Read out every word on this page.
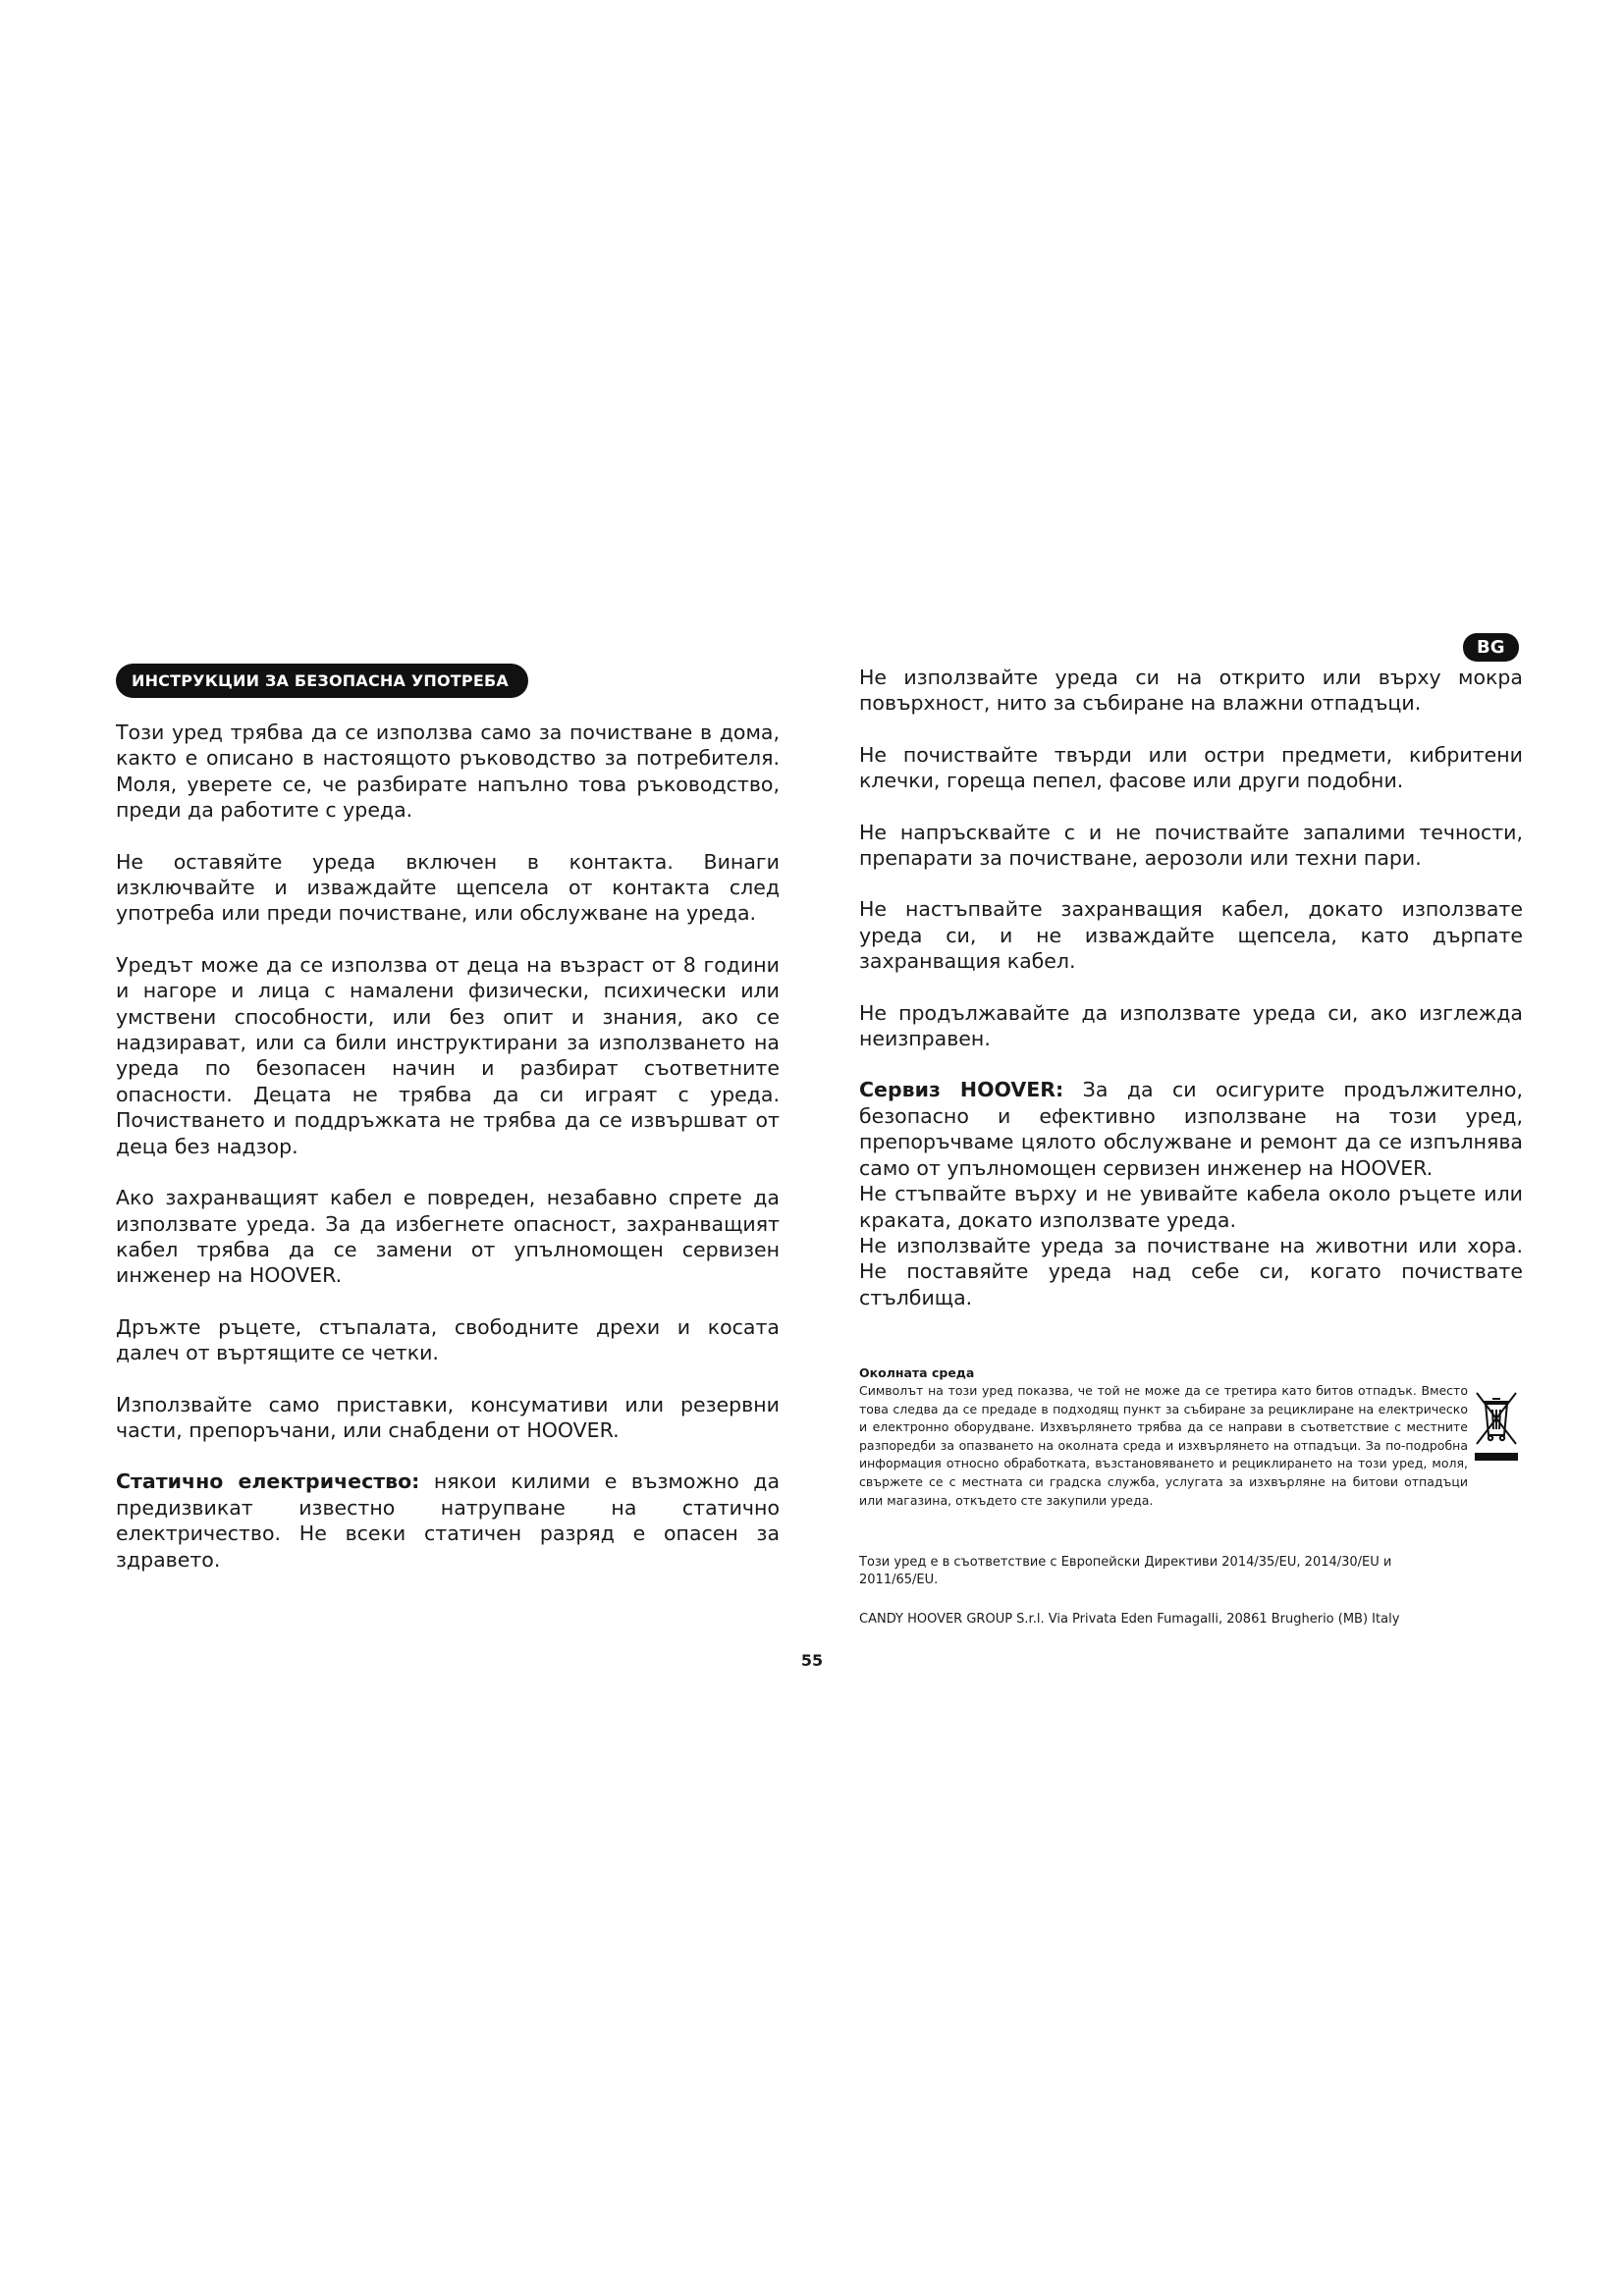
BG
ИНСТРУКЦИИ ЗА БЕЗОПАСНА УПОТРЕБА

Този уред трябва да се използва само за почистване в дома, както е описано в настоящото ръководство за потребителя. Моля, уверете се, че разбирате напълно това ръководство, преди да работите с уреда.

Не оставяйте уреда включен в контакта. Винаги изключвайте и изваждайте щепсела от контакта след употреба или преди почистване, или обслужване на уреда.

Уредът може да се използва от деца на възраст от 8 години и нагоре и лица с намалени физически, психически или умствени способности, или без опит и знания, ако се надзирават, или са били инструктирани за използването на уреда по безопасен начин и разбират съответните опасности. Децата не трябва да си играят с уреда. Почистването и поддръжката не трябва да се извършват от деца без надзор.

Ако захранващият кабел е повреден, незабавно спрете да използвате уреда. За да избегнете опасност, захранващият кабел трябва да се замени от упълномощен сервизен инженер на HOOVER.

Дръжте ръцете, стъпалата, свободните дрехи и косата далеч от въртящите се четки.

Използвайте само приставки, консумативи или резервни части, препоръчани, или снабдени от HOOVER.

Статично електричество: някои килими е възможно да предизвикат известно натрупване на статично електричество. Не всеки статичен разряд е опасен за здравето.

Не използвайте уреда си на открито или върху мокра повърхност, нито за събиране на влажни отпадъци.

Не почиствайте твърди или остри предмети, кибритени клечки, гореща пепел, фасове или други подобни.

Не напръсквайте с и не почиствайте запалими течности, препарати за почистване, аерозоли или техни пари.

Не настъпвайте захранващия кабел, докато използвате уреда си, и не изваждайте щепсела, като дърпате захранващия кабел.

Не продължавайте да използвате уреда си, ако изглежда неизправен.

Сервиз HOOVER: За да си осигурите продължително, безопасно и ефективно използване на този уред, препоръчваме цялото обслужване и ремонт да се изпълнява само от упълномощен сервизен инженер на HOOVER.
Не стъпвайте върху и не увивайте кабела около ръцете или краката, докато използвате уреда.
Не използвайте уреда за почистване на животни или хора. Не поставяйте уреда над себе си, когато почиствате стълбища.
Околната среда
Символът на този уред показва, че той не може да се третира като битов отпадък. Вместо това следва да се предаде в подходящ пункт за събиране за рециклиране на електрическо и електронно оборудване. Изхвърлянето трябва да се направи в съответствие с местните разпоредби за опазването на околната среда и изхвърлянето на отпадъци. За по-подробна информация относно обработката, възстановяването и рециклирането на този уред, моля, свържете се с местната си градска служба, услугата за изхвърляне на битови отпадъци или магазина, откъдето сте закупили уреда.
Този уред е в съответствие с Европейски Директиви 2014/35/EU, 2014/30/EU и 2011/65/EU.
CANDY HOOVER GROUP S.r.l. Via Privata Eden Fumagalli, 20861 Brugherio (MB) Italy
55
